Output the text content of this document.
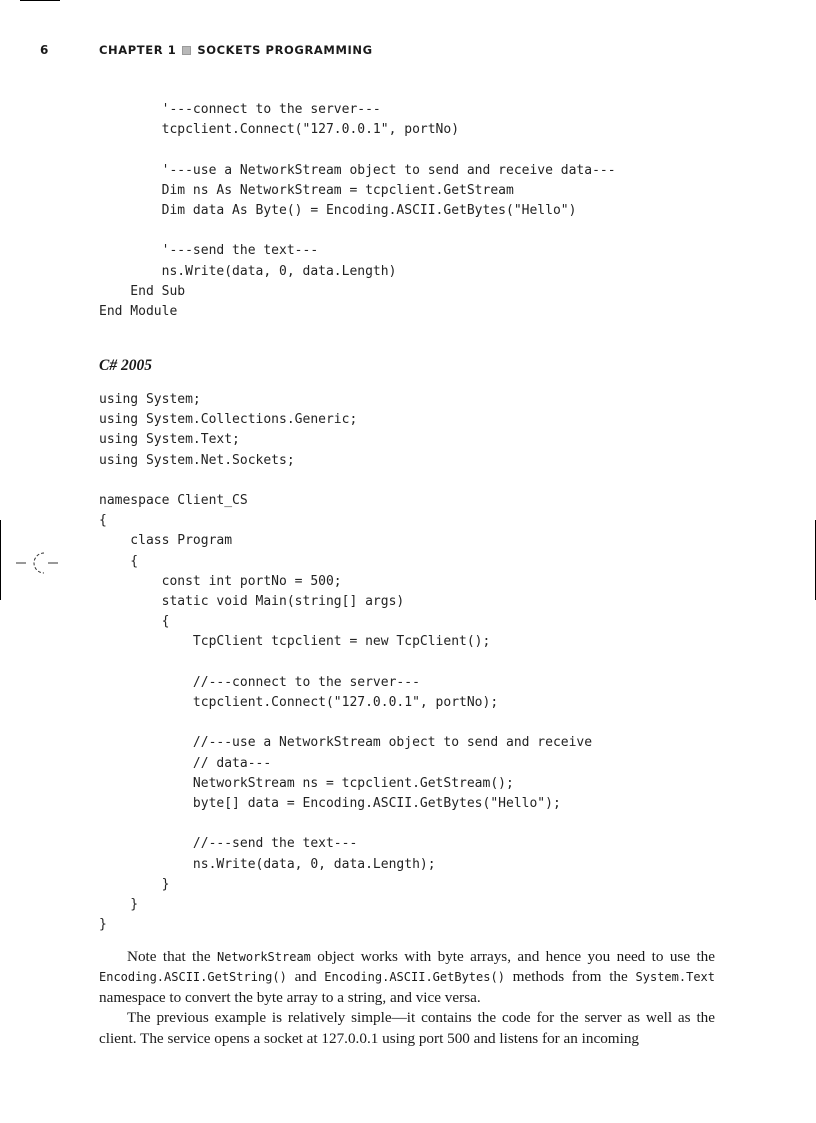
6	CHAPTER 1 SOCKETS PROGRAMMING
'---connect to the server---
tcpclient.Connect("127.0.0.1", portNo)

'---use a NetworkStream object to send and receive data---
Dim ns As NetworkStream = tcpclient.GetStream
Dim data As Byte() = Encoding.ASCII.GetBytes("Hello")

'---send the text---
ns.Write(data, 0, data.Length)
End Sub
End Module

C# 2005
using System;
using System.Collections.Generic;
using System.Text;
using System.Net.Sockets;

namespace Client_CS
{
class Program
{
const int portNo = 500;
static void Main(string[] args)
{
TcpClient tcpclient = new TcpClient();

//---connect to the server---
tcpclient.Connect("127.0.0.1", portNo);

//---use a NetworkStream object to send and receive
// data---
NetworkStream ns = tcpclient.GetStream();
byte[] data = Encoding.ASCII.GetBytes("Hello");

//---send the text---
ns.Write(data, 0, data.Length);
}
}
}

Note that the NetworkStream object works with byte arrays, and hence you need to use the Encoding.ASCII.GetString() and Encoding.ASCII.GetBytes() methods from the System.Text namespace to convert the byte array to a string, and vice versa.

The previous example is relatively simple—it contains the code for the server as well as the client. The service opens a socket at 127.0.0.1 using port 500 and listens for an incoming
